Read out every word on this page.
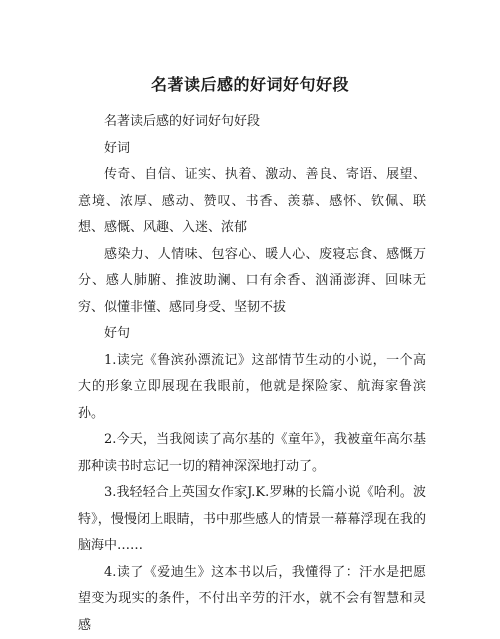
名著读后感的好词好句好段

名著读后感的好词好句好段

好词

传奇、自信、证实、执着、激动、善良、寄语、展望、意境、浓厚、感动、赞叹、书香、羡慕、感怀、钦佩、联想、感慨、风趣、入迷、浓郁

感染力、人情味、包容心、暖人心、废寝忘食、感慨万分、感人肺腑、推波助澜、口有余香、汹涌澎湃、回味无穷、似懂非懂、感同身受、坚韧不拔

好句

1.读完《鲁滨孙漂流记》这部情节生动的小说，一个高大的形象立即展现在我眼前，他就是探险家、航海家鲁滨孙。

2.今天，当我阅读了高尔基的《童年》，我被童年高尔基那种读书时忘记一切的精神深深地打动了。

3.我轻轻合上英国女作家J.K.罗琳的长篇小说《哈利。波特》，慢慢闭上眼睛，书中那些感人的情景一幕幕浮现在我的脑海中……

4.读了《爱迪生》这本书以后，我懂得了：汗水是把愿望变为现实的条件，不付出辛劳的汗水，就不会有智慧和灵感
